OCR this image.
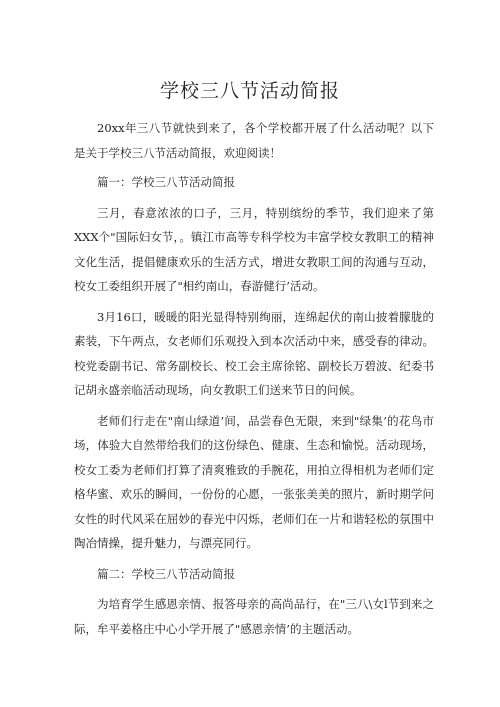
学校三八节活动简报

20xx年三八节就快到来了，各个学校都开展了什么活动呢？以下是关于学校三八节活动简报，欢迎阅读！

篇一：学校三八节活动简报

三月，春意浓浓的口子，三月，特别缤纷的季节，我们迎来了第XXX个"国际妇女节，。镇江市高等专科学校为丰富学校女教职工的精神文化生活，提倡健康欢乐的生活方式，增进女教职工间的沟通与互动，校女工委组织开展了"相约南山，春游健行’活动。

3月16口，暖暖的阳光显得特别绚丽，连绵起伏的南山披着朦胧的素装，下午两点，女老师们乐观投入到本次活动中来，感受春的律动。校党委副书记、常务副校长、校工会主席徐铭、副校长万碧波、纪委书记胡永盛亲临活动现场，向女教职工们送来节日的问候。

老师们行走在"南山绿道’间，品尝春色无限，来到"绿集’的花鸟市场，体验大自然带给我们的这份绿色、健康、生态和愉悦。活动现场，校女工委为老师们打算了清爽雅致的手腕花，用拍立得相机为老师们定格华蜜、欢乐的瞬间，一份份的心愿，一张张美美的照片，新时期学问女性的时代风采在屈妙的春光中闪烁，老师们在一片和谐轻松的氛围中陶冶情操，提升魅力，与漂亮同行。

篇二：学校三八节活动简报

为培育学生感恩亲情、报答母亲的高尚品行，在"三八\女l节到来之际，牟平姜格庄中心小学开展了"感恩亲情’的主题活动。
